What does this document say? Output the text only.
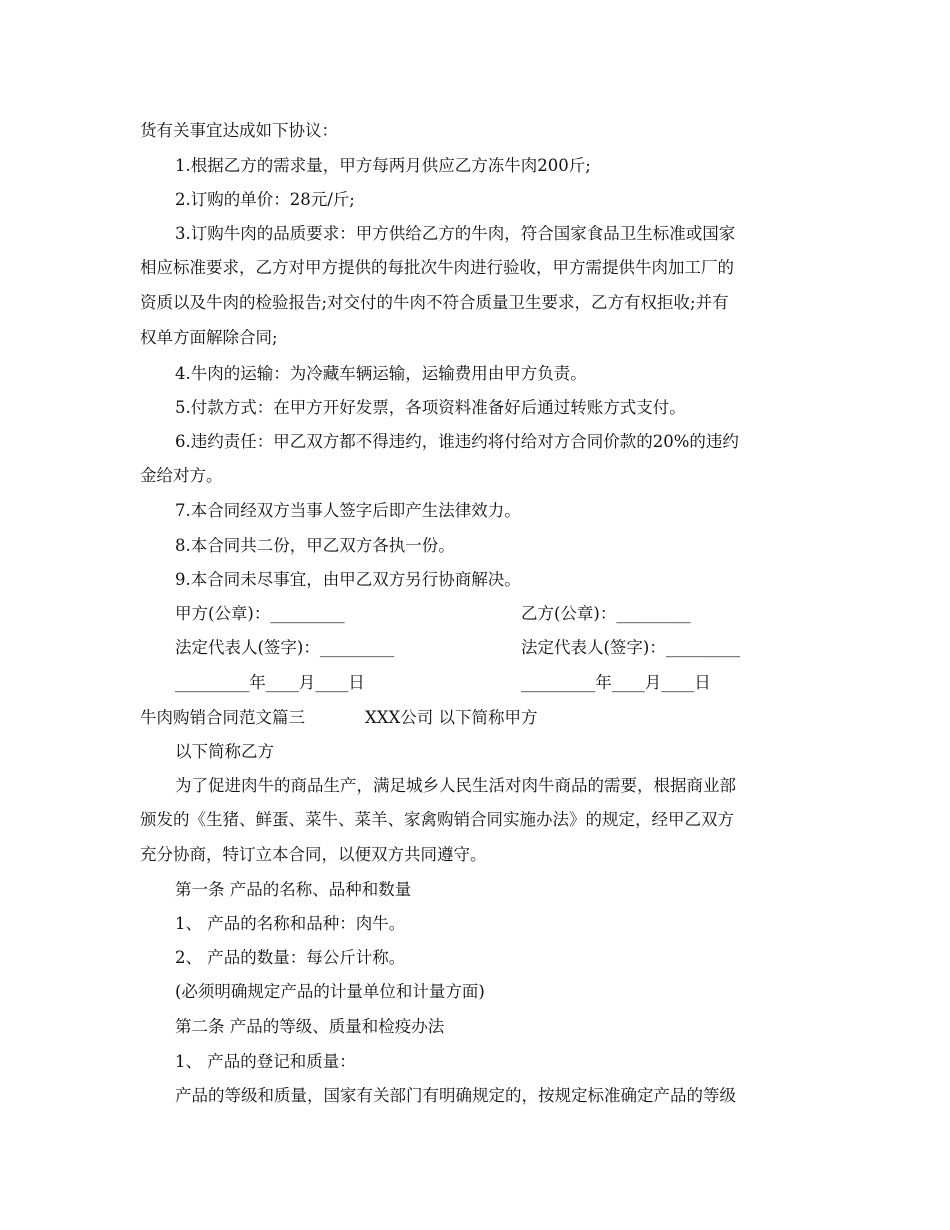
货有关事宜达成如下协议：
1.根据乙方的需求量，甲方每两月供应乙方冻牛肉200斤;
2.订购的单价：28元/斤;
3.订购牛肉的品质要求：甲方供给乙方的牛肉，符合国家食品卫生标准或国家
相应标准要求，乙方对甲方提供的每批次牛肉进行验收，甲方需提供牛肉加工厂的
资质以及牛肉的检验报告;对交付的牛肉不符合质量卫生要求，乙方有权拒收;并有
权单方面解除合同;
4.牛肉的运输：为冷藏车辆运输，运输费用由甲方负责。
5.付款方式：在甲方开好发票，各项资料准备好后通过转账方式支付。
6.违约责任：甲乙双方都不得违约，谁违约将付给对方合同价款的20%的违约
金给对方。
7.本合同经双方当事人签字后即产生法律效力。
8.本合同共二份，甲乙双方各执一份。
9.本合同未尽事宜，由甲乙双方另行协商解决。
甲方(公章)：_________	乙方(公章)：_________
法定代表人(签字)：_________	法定代表人(签字)：_________
_________年____月____日	_________年____月____日
牛肉购销合同范文篇三	XXX公司 以下简称甲方
以下简称乙方
为了促进肉牛的商品生产，满足城乡人民生活对肉牛商品的需要，根据商业部
颁发的《生猪、鲜蛋、菜牛、菜羊、家禽购销合同实施办法》的规定，经甲乙双方
充分协商，特订立本合同，以便双方共同遵守。
第一条 产品的名称、品种和数量
1、 产品的名称和品种：肉牛。
2、 产品的数量：每公斤计称。
(必须明确规定产品的计量单位和计量方面)
第二条 产品的等级、质量和检疫办法
1、 产品的登记和质量：
产品的等级和质量，国家有关部门有明确规定的，按规定标准确定产品的等级
